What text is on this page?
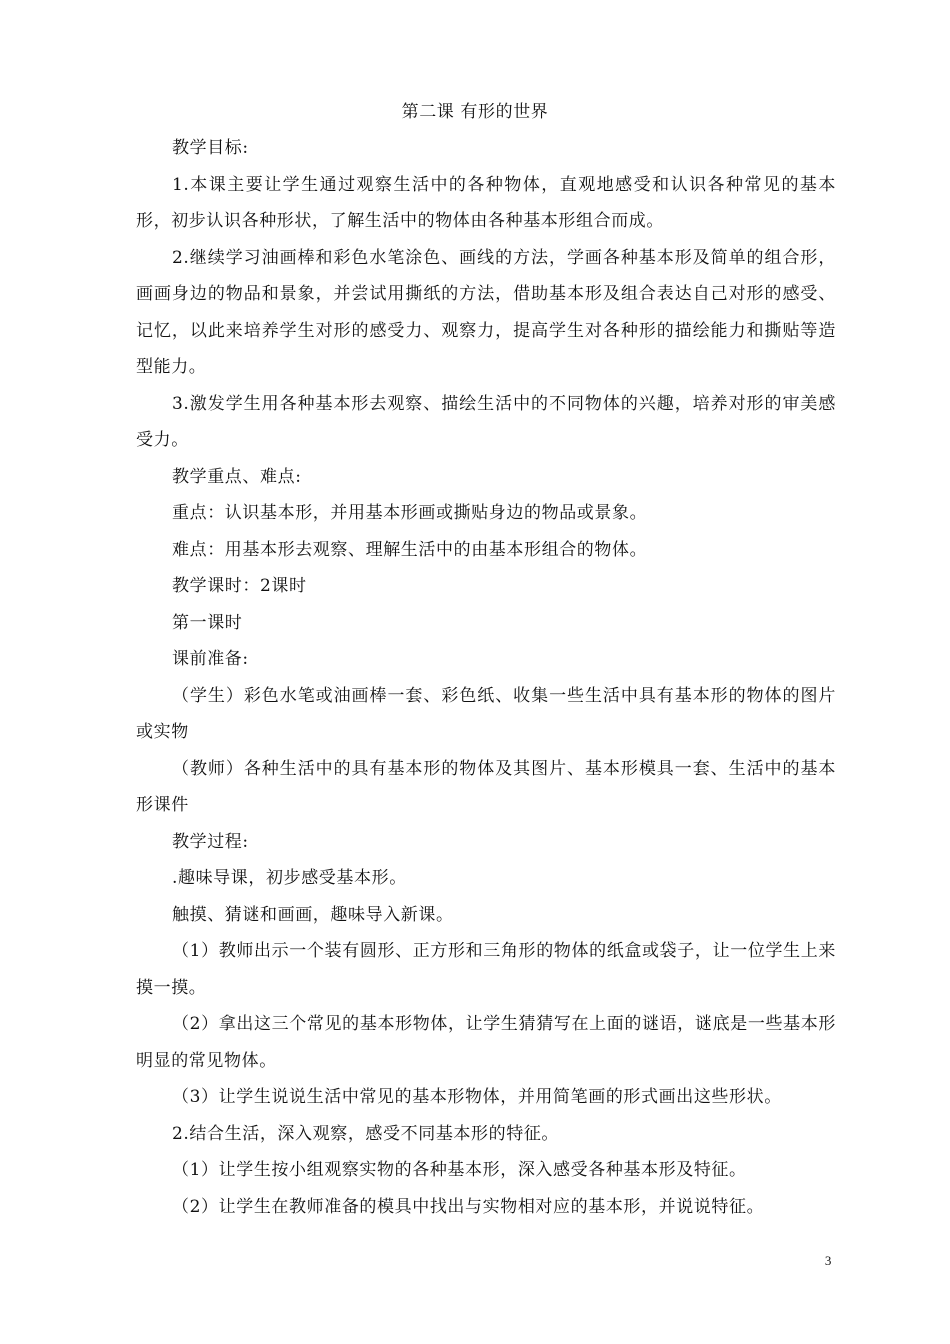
第二课 有形的世界

教学目标:

1.本课主要让学生通过观察生活中的各种物体，直观地感受和认识各种常见的基本形，初步认识各种形状，了解生活中的物体由各种基本形组合而成。

2.继续学习油画棒和彩色水笔涂色、画线的方法，学画各种基本形及简单的组合形，画画身边的物品和景象，并尝试用撕纸的方法，借助基本形及组合表达自己对形的感受、记忆，以此来培养学生对形的感受力、观察力，提高学生对各种形的描绘能力和撕贴等造型能力。

3.激发学生用各种基本形去观察、描绘生活中的不同物体的兴趣，培养对形的审美感受力。

教学重点、难点:

重点：认识基本形，并用基本形画或撕贴身边的物品或景象。

难点：用基本形去观察、理解生活中的由基本形组合的物体。

教学课时：2课时

第一课时

课前准备:

（学生）彩色水笔或油画棒一套、彩色纸、收集一些生活中具有基本形的物体的图片或实物

（教师）各种生活中的具有基本形的物体及其图片、基本形模具一套、生活中的基本形课件

教学过程:

.趣味导课，初步感受基本形。

触摸、猜谜和画画，趣味导入新课。

（1）教师出示一个装有圆形、正方形和三角形的物体的纸盒或袋子，让一位学生上来摸一摸。

（2）拿出这三个常见的基本形物体，让学生猜猜写在上面的谜语，谜底是一些基本形明显的常见物体。

（3）让学生说说生活中常见的基本形物体，并用简笔画的形式画出这些形状。

2.结合生活，深入观察，感受不同基本形的特征。

（1）让学生按小组观察实物的各种基本形，深入感受各种基本形及特征。

（2）让学生在教师准备的模具中找出与实物相对应的基本形，并说说特征。

3
